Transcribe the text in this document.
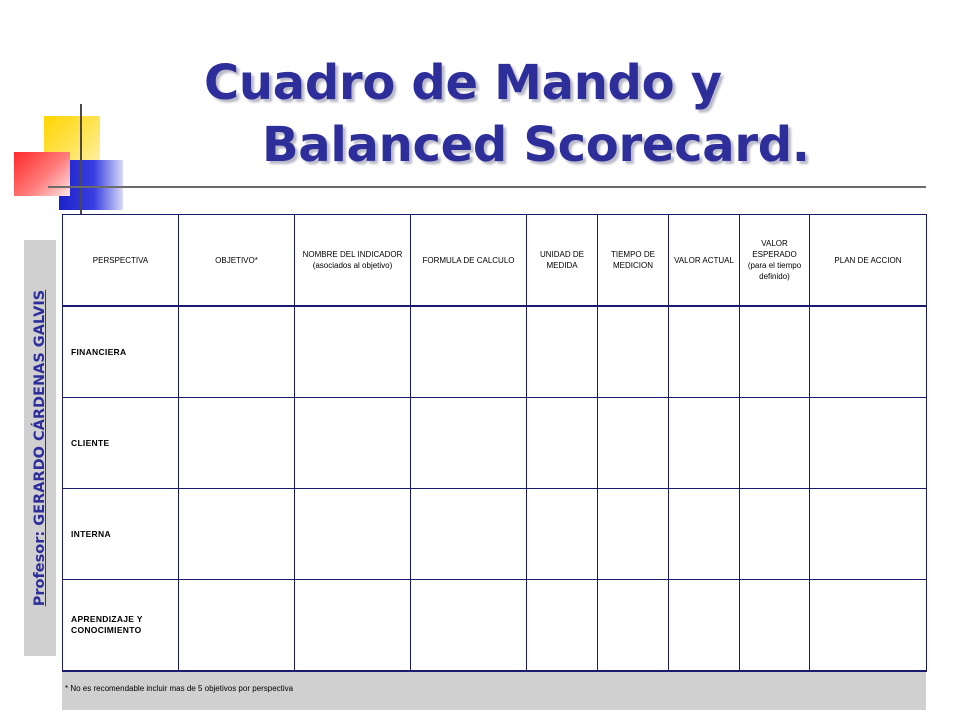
Cuadro de Mando y
Balanced Scorecard.
Profesor: GERARDO CÁRDENAS GALVIS
PERSPECTIVA	OBJETIVO*	NOMBRE DEL INDICADOR (asociados al objetivo)	FORMULA DE CALCULO	UNIDAD DE MEDIDA	TIEMPO DE MEDICION	VALOR ACTUAL	VALOR ESPERADO (para el tiempo definido)	PLAN DE ACCION
FINANCIERA								
CLIENTE								
INTERNA								
APRENDIZAJE Y CONOCIMIENTO								
* No es recomendable incluir mas de 5 objetivos por perspectiva
